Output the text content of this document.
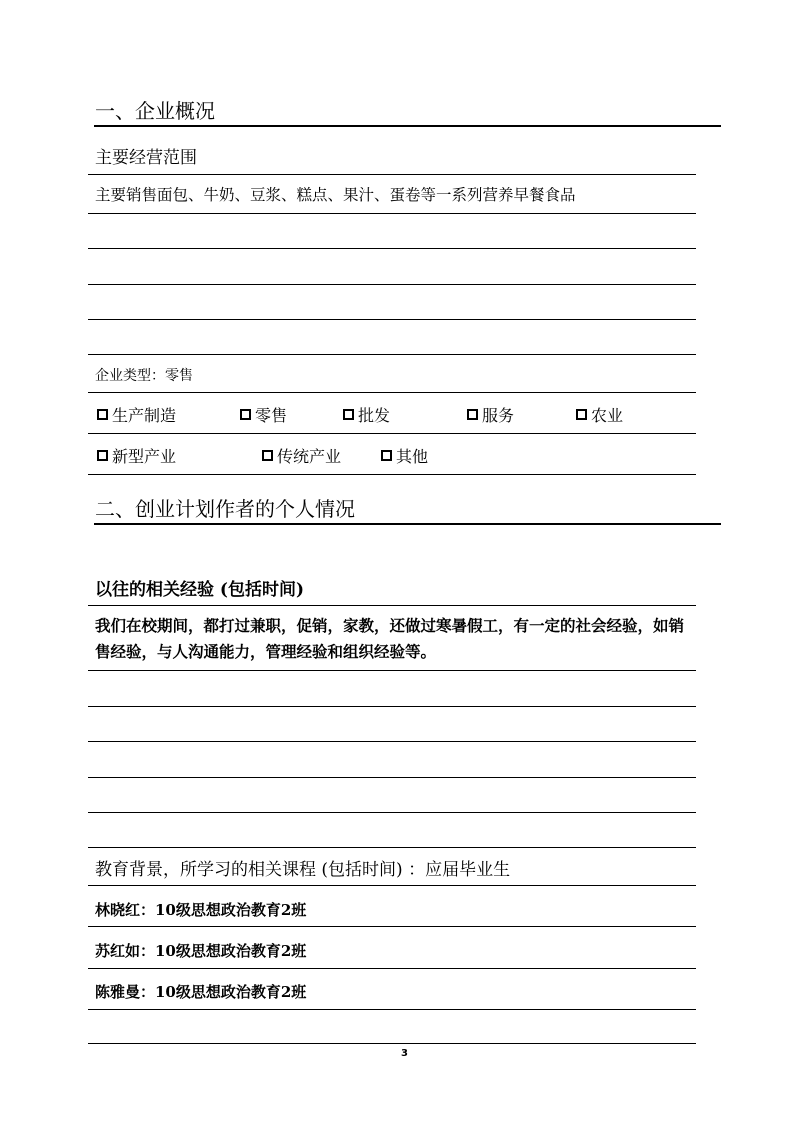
一、企业概况
主要经营范围
主要销售面包、牛奶、豆浆、糕点、果汁、蛋卷等一系列营养早餐食品
企业类型：零售
生产制造	零售	批发	服务	农业
新型产业	传统产业	其他
二、创业计划作者的个人情况
以往的相关经验 (包括时间)
我们在校期间，都打过兼职，促销，家教，还做过寒暑假工，有一定的社会经验，如销售经验，与人沟通能力，管理经验和组织经验等。
教育背景，所学习的相关课程 (包括时间) ：应届毕业生
林晓红：10级思想政治教育2班
苏红如：10级思想政治教育2班
陈雅曼：10级思想政治教育2班
3
